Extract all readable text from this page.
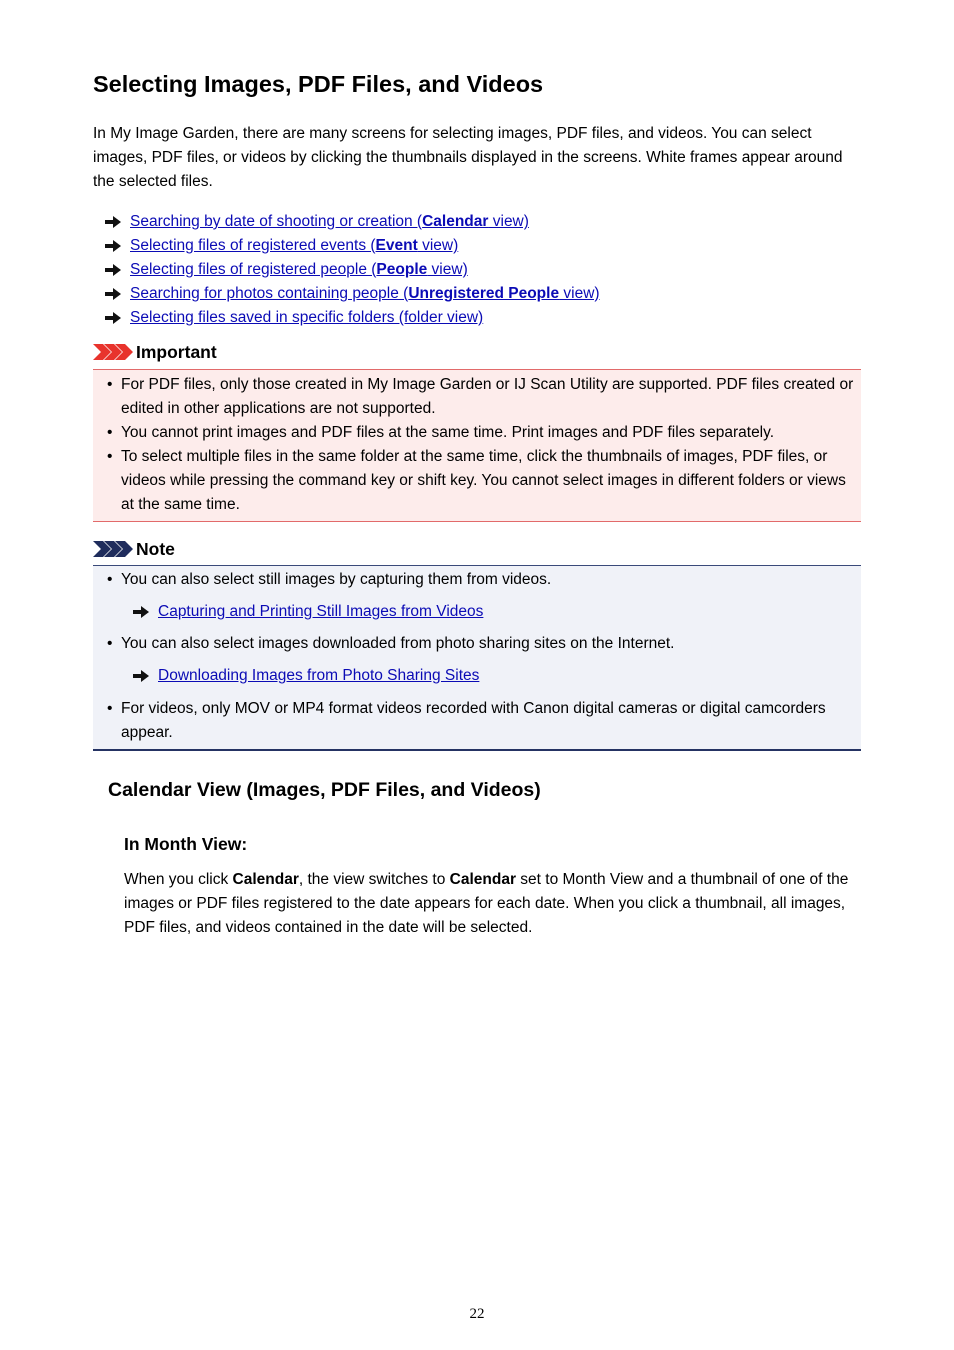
Selecting Images, PDF Files, and Videos

In My Image Garden, there are many screens for selecting images, PDF files, and videos. You can select images, PDF files, or videos by clicking the thumbnails displayed in the screens. White frames appear around the selected files.

Searching by date of shooting or creation (Calendar view)
Selecting files of registered events (Event view)
Selecting files of registered people (People view)
Searching for photos containing people (Unregistered People view)
Selecting files saved in specific folders (folder view)
Important
• For PDF files, only those created in My Image Garden or IJ Scan Utility are supported. PDF files created or edited in other applications are not supported.
• You cannot print images and PDF files at the same time. Print images and PDF files separately.
• To select multiple files in the same folder at the same time, click the thumbnails of images, PDF files, or videos while pressing the command key or shift key. You cannot select images in different folders or views at the same time.
Note
• You can also select still images by capturing them from videos.
Capturing and Printing Still Images from Videos
• You can also select images downloaded from photo sharing sites on the Internet.
Downloading Images from Photo Sharing Sites
• For videos, only MOV or MP4 format videos recorded with Canon digital cameras or digital camcorders appear.
Calendar View (Images, PDF Files, and Videos)
In Month View:

When you click Calendar, the view switches to Calendar set to Month View and a thumbnail of one of the images or PDF files registered to the date appears for each date. When you click a thumbnail, all images, PDF files, and videos contained in the date will be selected.

22
